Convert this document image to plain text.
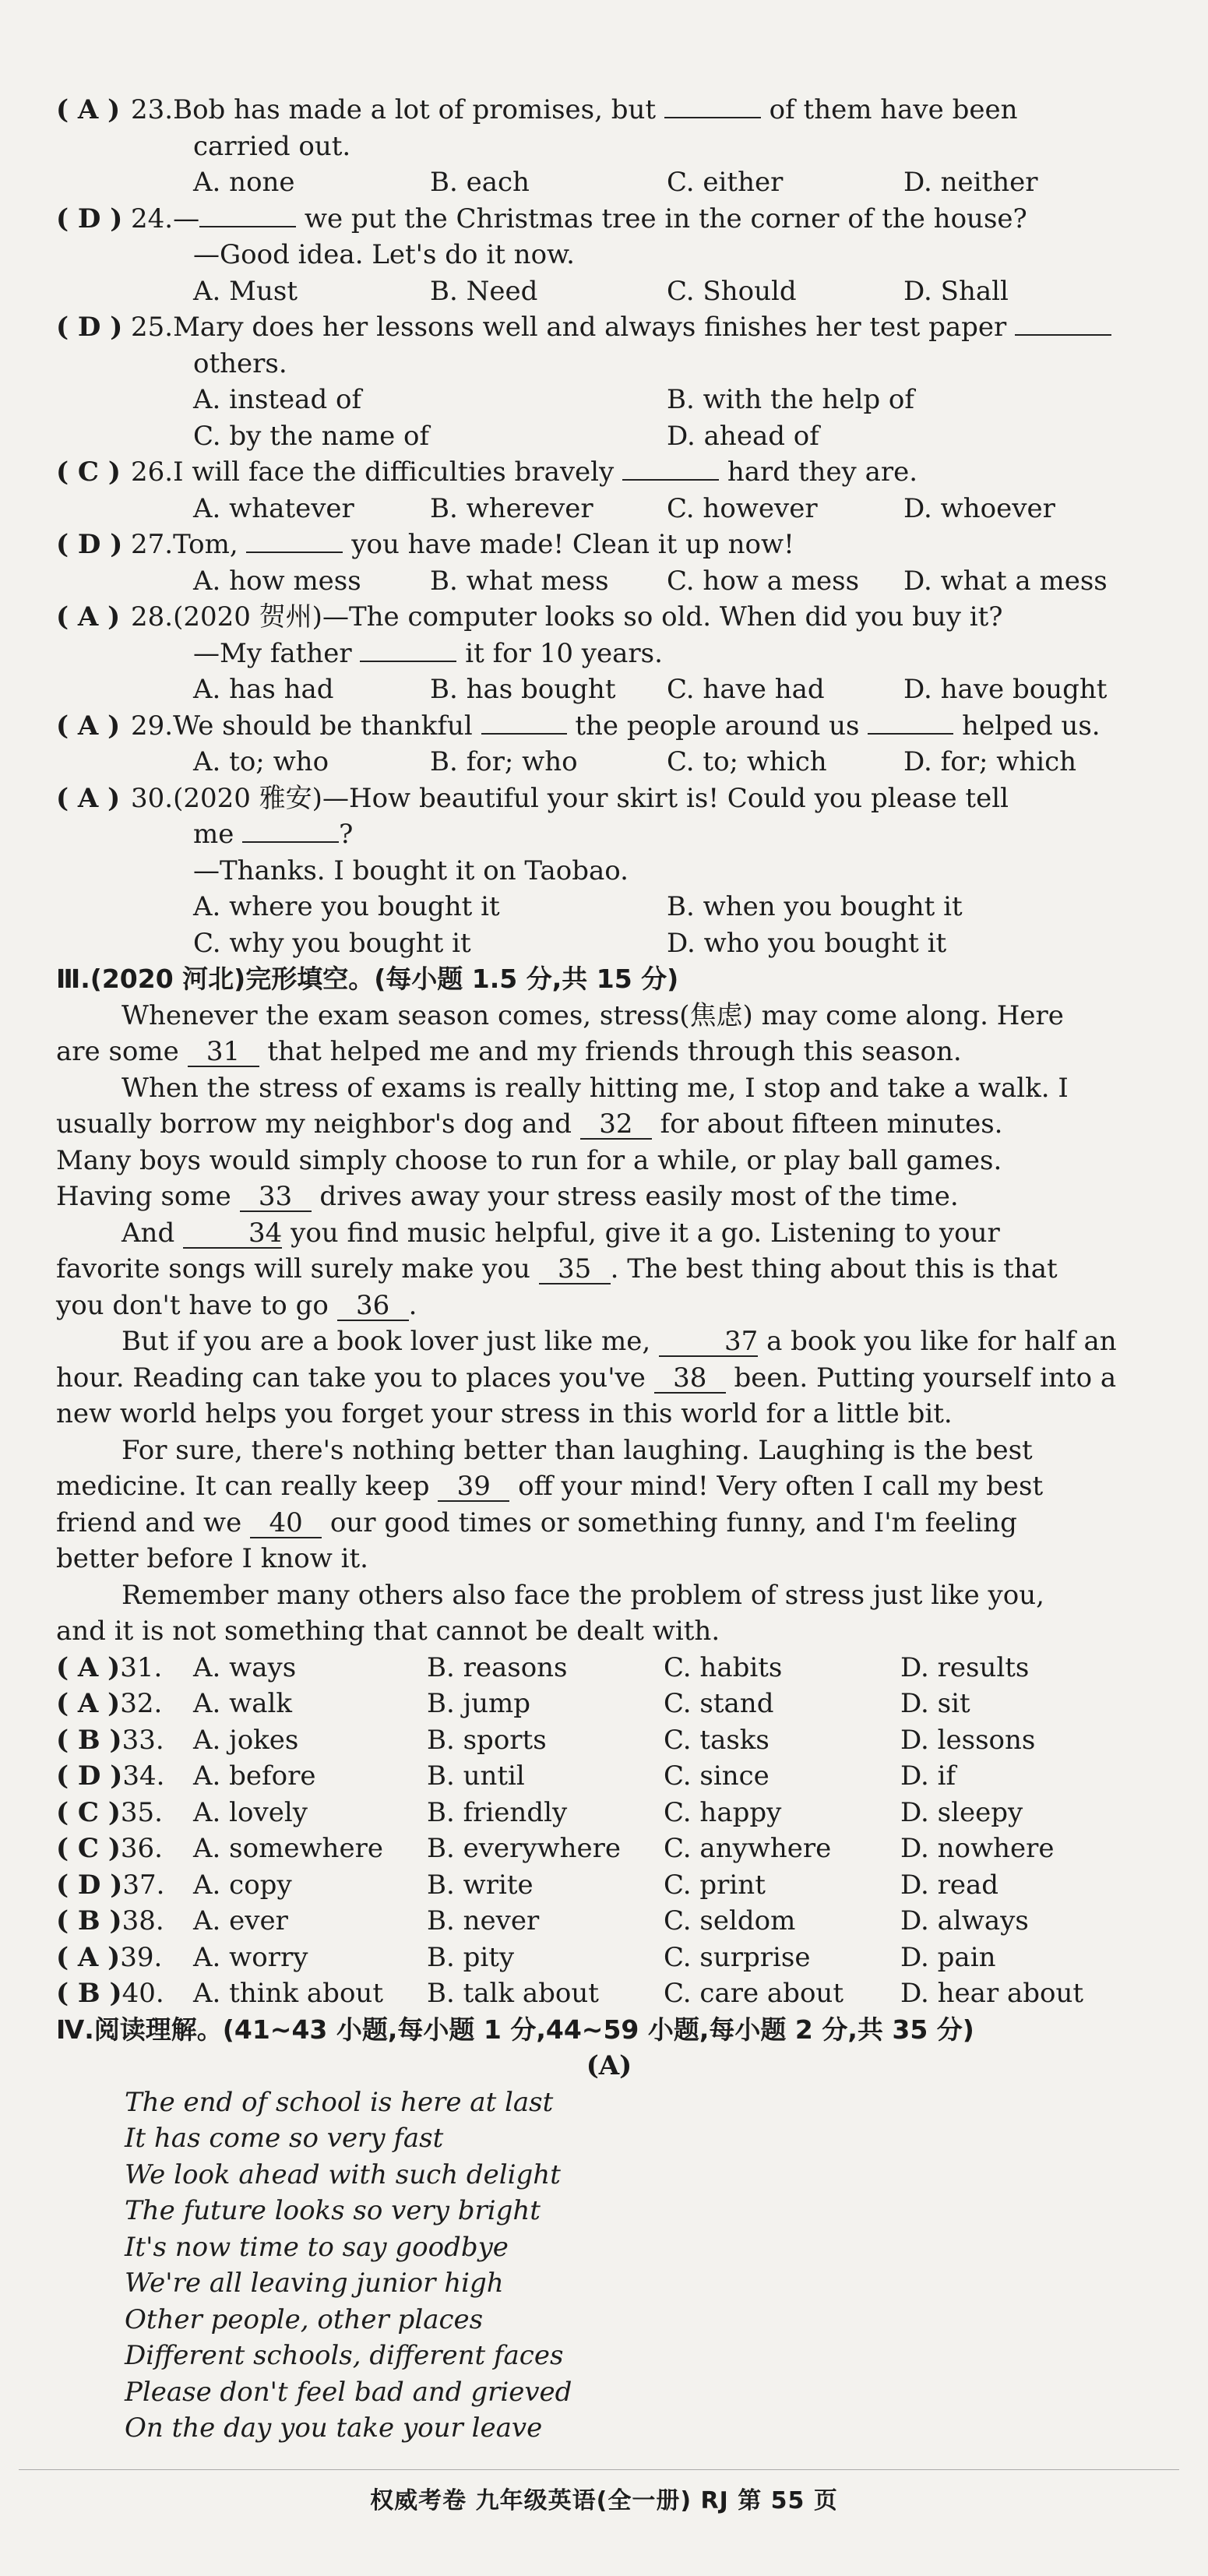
( A ) 23.Bob has made a lot of promises, but	of them have been
carried out.
A. none	B. each	C. either	D. neither
( D ) 24.—	we put the Christmas tree in the corner of the house?
—Good idea. Let's do it now.
A. Must	B. Need	C. Should	D. Shall
( D ) 25.Mary does her lessons well and always finishes her test paper
others.
A. instead of	B. with the help of
C. by the name of	D. ahead of
( C ) 26.I will face the difficulties bravely	hard they are.
A. whatever	B. wherever	C. however	D. whoever
( D ) 27.Tom,	you have made! Clean it up now!
A. how mess	B. what mess	C. how a mess	D. what a mess
( A ) 28.(2020 贺州)—The computer looks so old. When did you buy it?
—My father	it for 10 years.
A. has had	B. has bought	C. have had	D. have bought
( A ) 29.We should be thankful	the people around us	helped us.
A. to; who	B. for; who	C. to; which	D. for; which
( A ) 30.(2020 雅安)—How beautiful your skirt is! Could you please tell
me	?
—Thanks. I bought it on Taobao.
A. where you bought it	B. when you bought it
C. why you bought it	D. who you bought it
Ⅲ.(2020 河北)完形填空。(每小题 1.5 分,共 15 分)
Whenever the exam season comes, stress(焦虑) may come along. Here
are some 31 that helped me and my friends through this season.
When the stress of exams is really hitting me, I stop and take a walk. I
usually borrow my neighbor's dog and 32 for about fifteen minutes.
Many boys would simply choose to run for a while, or play ball games.
Having some 33 drives away your stress easily most of the time.
And 34 you find music helpful, give it a go. Listening to your
favorite songs will surely make you 35 . The best thing about this is that
you don't have to go 36 .
But if you are a book lover just like me, 37 a book you like for half an
hour. Reading can take you to places you've 38 been. Putting yourself into a
new world helps you forget your stress in this world for a little bit.
For sure, there's nothing better than laughing. Laughing is the best
medicine. It can really keep 39 off your mind! Very often I call my best
friend and we 40 our good times or something funny, and I'm feeling
better before I know it.
Remember many others also face the problem of stress just like you,
and it is not something that cannot be dealt with.
( A )31.	A. ways	B. reasons	C. habits	D. results
( A )32.	A. walk	B. jump	C. stand	D. sit
( B )33.	A. jokes	B. sports	C. tasks	D. lessons
( D )34.	A. before	B. until	C. since	D. if
( C )35.	A. lovely	B. friendly	C. happy	D. sleepy
( C )36.	A. somewhere	B. everywhere	C. anywhere	D. nowhere
( D )37.	A. copy	B. write	C. print	D. read
( B )38.	A. ever	B. never	C. seldom	D. always
( A )39.	A. worry	B. pity	C. surprise	D. pain
( B )40.	A. think about	B. talk about	C. care about	D. hear about
Ⅳ.阅读理解。(41~43 小题,每小题 1 分,44~59 小题,每小题 2 分,共 35 分)
(A)
The end of school is here at last
It has come so very fast
We look ahead with such delight
The future looks so very bright
It's now time to say goodbye
We're all leaving junior high
Other people, other places
Different schools, different faces
Please don't feel bad and grieved
On the day you take your leave
权威考卷 九年级英语(全一册) RJ 第 55 页
